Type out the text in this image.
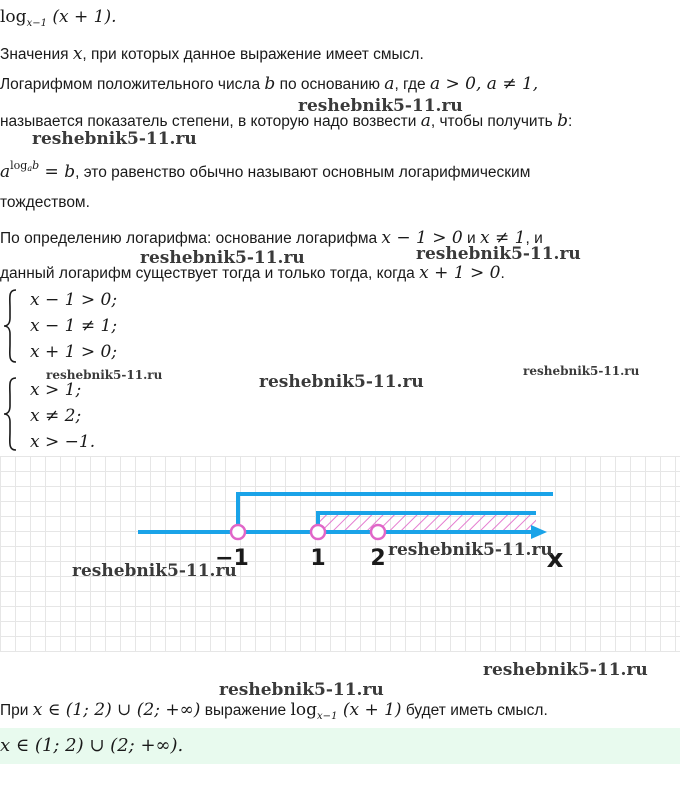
$\log_{x-1} (x + 1)$.
Значения x, при которых данное выражение имеет смысл.
Логарифмом положительного числа b по основанию a, где a > 0, a ≠ 1,
называется показатель степени, в которую надо возвести a, чтобы получить b:
$a^{logab} = b$, это равенство обычно называют основным логарифмическим
тождеством.
По определению логарифма: основание логарифма x − 1 > 0 и x ≠ 1, и
данный логарифм существует тогда и только тогда, когда x + 1 > 0.
x − 1 > 0;
x − 1 ≠ 1;
x + 1 > 0;
x > 1;
x ≠ 2;
x > −1.
−1	1 2	x
При x ∈ (1; 2) ∪ (2; +∞) выражение $\log_{x-1} (x + 1)$ будет иметь смысл.
x ∈ (1; 2) ∪ (2; +∞).
reshebnik5-11.ru
reshebnik5-11.ru
reshebnik5-11.ru	reshebnik5-11.ru
reshebnik5-11.ru	reshebnik5-11.ru
reshebnik5-11.ru
reshebnik5-11.ru
reshebnik5-11.ru
reshebnik5-11.ru
reshebnik5-11.ru
